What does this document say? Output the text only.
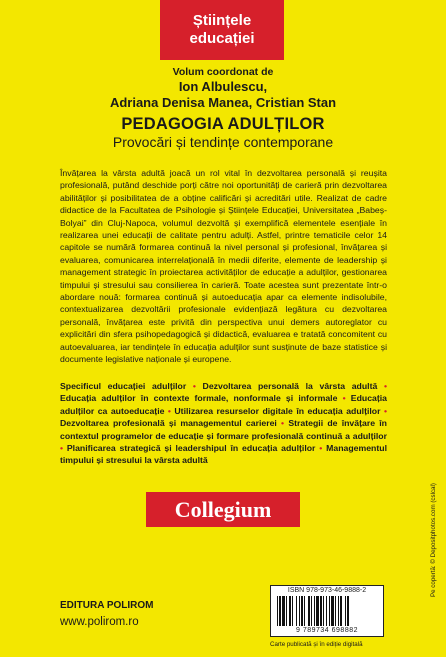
Științele
educației
Volum coordonat de
Ion Albulescu,
Adriana Denisa Manea, Cristian Stan
PEDAGOGIA ADULȚILOR
Provocări și tendințe contemporane
Învățarea la vârsta adultă joacă un rol vital în dezvoltarea personală și reușita profesională, putând deschide porți către noi oportunități de carieră prin dezvoltarea abilităților și posibilitatea de a obține calificări și acreditări utile. Realizat de cadre didactice de la Facultatea de Psihologie și Științele Educației, Universitatea „Babeș-Bolyai” din Cluj-Napoca, volumul dezvoltă și exemplifică elementele esențiale în realizarea unei educații de calitate pentru adulți. Astfel, printre tematicile celor 14 capitole se numără formarea continuă la nivel personal și profesional, învățarea și evaluarea, comunicarea interrelațională în medii diferite, elemente de leadership și management strategic în proiectarea activităților de educație a adulților, gestionarea timpului și stresului sau consilierea în carieră. Toate acestea sunt prezentate într-o abordare nouă: formarea continuă și autoeducația apar ca elemente indisolubile, contextualizarea dezvoltării profesionale evidențiază legătura cu dezvoltarea personală, învățarea este privită din perspectiva unui demers autoreglator cu explicitări din sfera psihopedagogică și didactică, evaluarea e tratată concomitent cu autoevaluarea, iar tendințele în educația adulților sunt susținute de baze statistice și documente legislative naționale și europene.
Specificul educației adulților • Dezvoltarea personală la vârsta adultă • Educația adulților în contexte formale, nonformale și informale • Educația adulților ca autoeducație • Utilizarea resurselor digitale în educația adulților • Dezvoltarea profesională și managementul carierei • Strategii de învățare în contextul programelor de educație și formare profesională continuă a adulților • Planificarea strategică și leadershipul în educația adulților • Managementul timpului și stresului la vârsta adultă
Collegium
EDITURA POLIROM
www.polirom.ro
ISBN 978-973-46-9888-2
9 789734 698882
Carte publicată și în ediție digitală
Pe copertă: © Depositphotos.com (cslcal)
